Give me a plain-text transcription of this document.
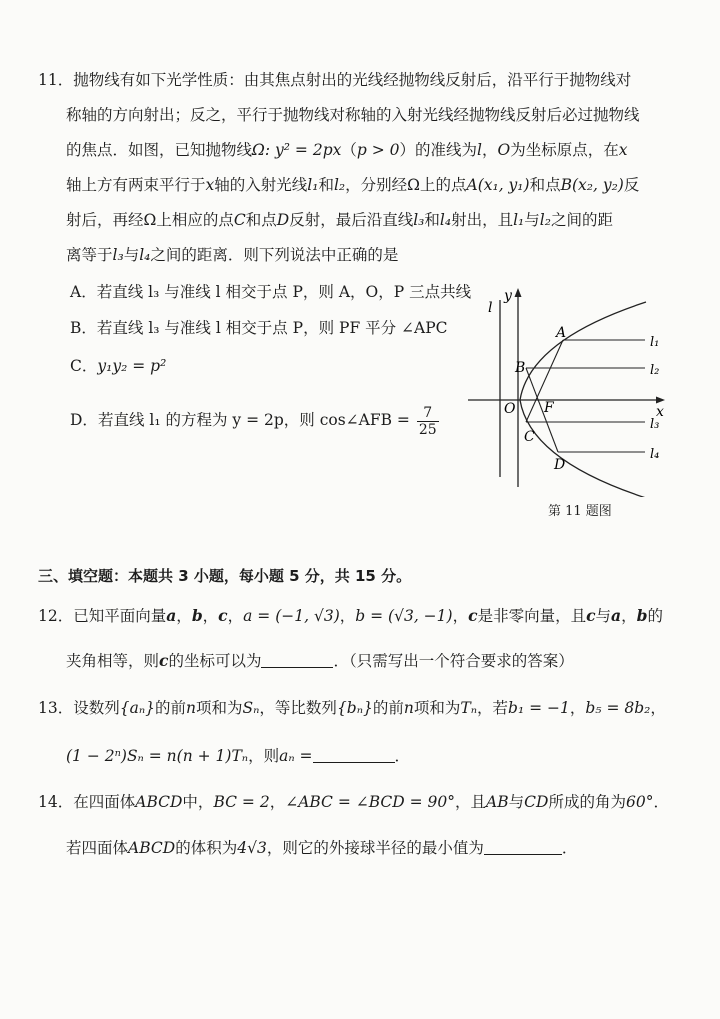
11．抛物线有如下光学性质：由其焦点射出的光线经抛物线反射后，沿平行于抛物线对
称轴的方向射出；反之，平行于抛物线对称轴的入射光线经抛物线反射后必过抛物线
的焦点．如图，已知抛物线Ω: y² = 2px（p > 0）的准线为l，O为坐标原点，在x
轴上方有两束平行于x轴的入射光线l₁和l₂，分别经Ω上的点A(x₁, y₁)和点B(x₂, y₂)反
射后，再经Ω上相应的点C和点D反射，最后沿直线l₃和l₄射出，且l₁与l₂之间的距
离等于l₃与l₄之间的距离．则下列说法中正确的是
A．若直线 l₃ 与准线 l 相交于点 P，则 A，O，P 三点共线
B．若直线 l₃ 与准线 l 相交于点 P，则 PF 平分 ∠APC
C．y₁y₂ = p²
D．若直线 l₁ 的方程为 y = 2p，则 cos∠AFB = $\frac{7}{25}$
l
y
x
O F
A
B
C
D
l₁
l₂
l₃
l₄
第 11 题图
三、填空题：本题共 3 小题，每小题 5 分，共 15 分。
12．已知平面向量a，b，c，a = (−1, √3)，b = (√3, −1)，c是非零向量，且c与a，b的
夹角相等，则c的坐标可以为	．（只需写出一个符合要求的答案）
13．设数列{aₙ}的前n项和为Sₙ，等比数列{bₙ}的前n项和为Tₙ，若b₁ = −1，b₅ = 8b₂，
(1 − 2ⁿ)Sₙ = n(n + 1)Tₙ，则aₙ =	．
14．在四面体ABCD中，BC = 2，∠ABC = ∠BCD = 90°，且AB与CD所成的角为60°．
若四面体ABCD的体积为4√3，则它的外接球半径的最小值为	．
